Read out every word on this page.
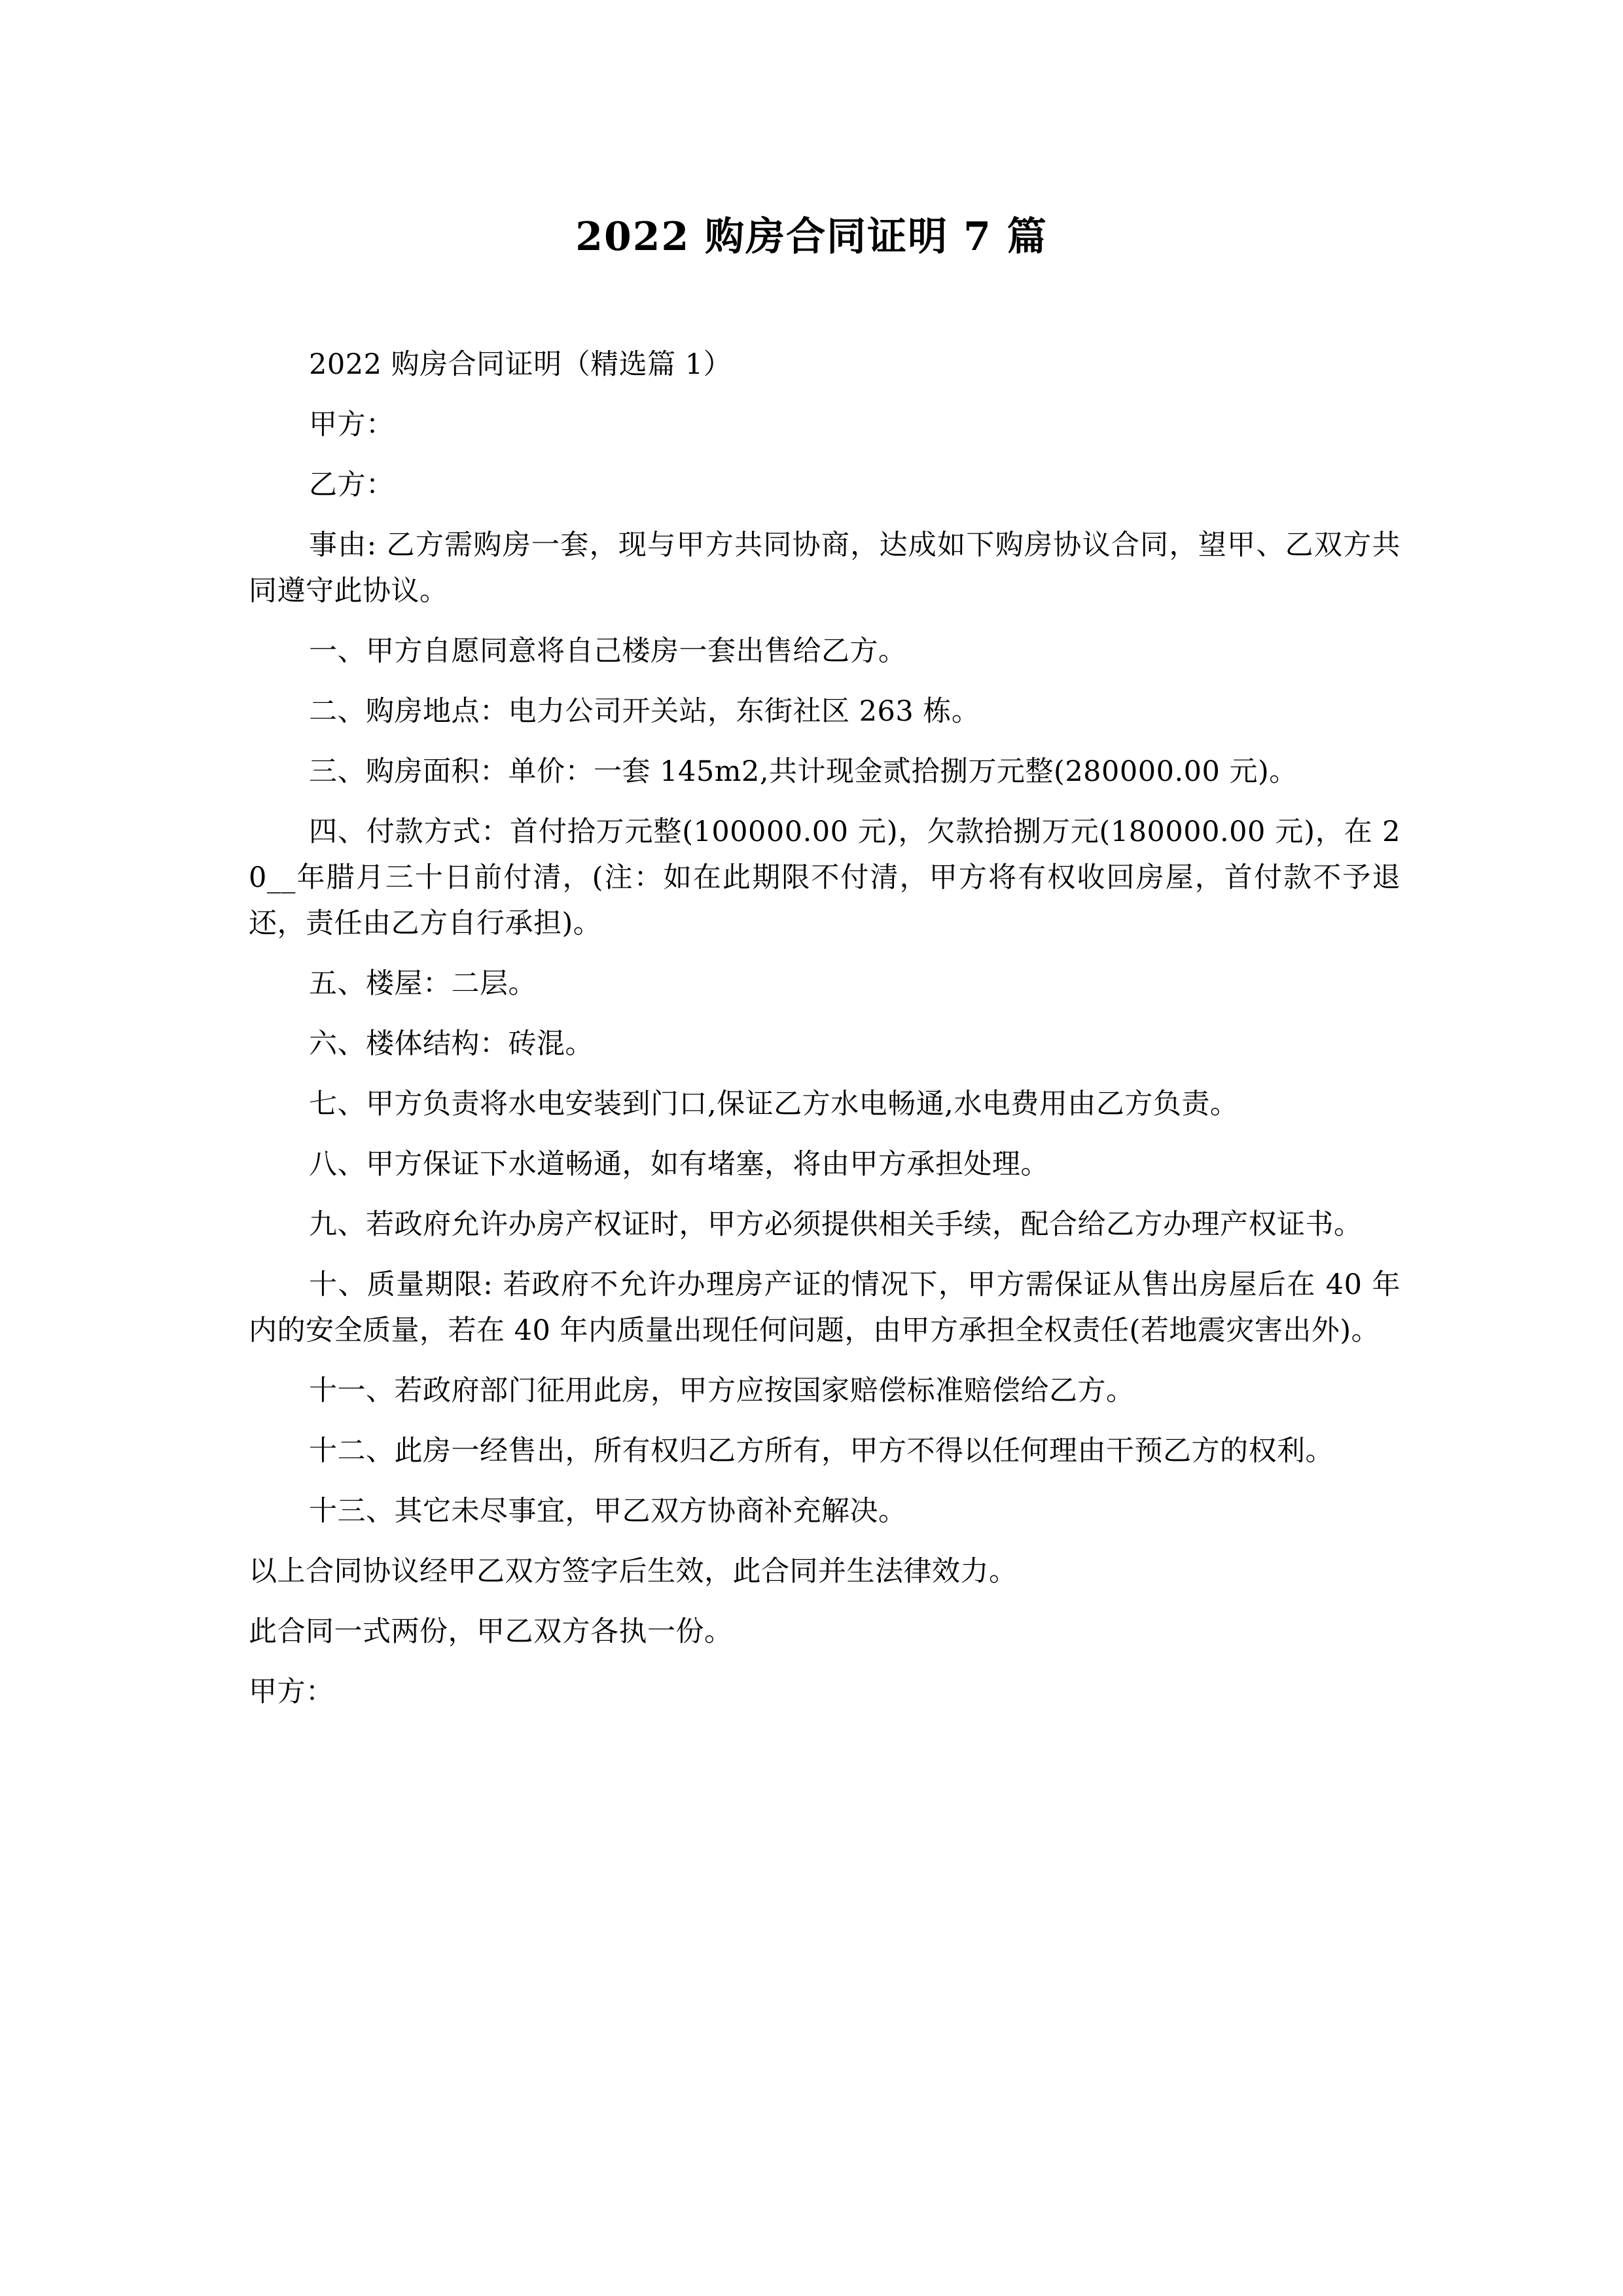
2022 购房合同证明 7 篇

2022 购房合同证明（精选篇 1）

甲方：

乙方：

事由: 乙方需购房一套，现与甲方共同协商，达成如下购房协议合同，望甲、乙双方共同遵守此协议。

一、甲方自愿同意将自己楼房一套出售给乙方。

二、购房地点：电力公司开关站，东街社区 263 栋。

三、购房面积：单价：一套 145m2,共计现金贰拾捌万元整(280000.00 元)。

四、付款方式：首付拾万元整(100000.00 元)，欠款拾捌万元(180000.00 元)，在 20__年腊月三十日前付清，(注：如在此期限不付清，甲方将有权收回房屋，首付款不予退还，责任由乙方自行承担)。

五、楼屋：二层。

六、楼体结构：砖混。

七、甲方负责将水电安装到门口,保证乙方水电畅通,水电费用由乙方负责。

八、甲方保证下水道畅通，如有堵塞，将由甲方承担处理。

九、若政府允许办房产权证时，甲方必须提供相关手续，配合给乙方办理产权证书。

十、质量期限: 若政府不允许办理房产证的情况下，甲方需保证从售出房屋后在 40 年内的安全质量，若在 40 年内质量出现任何问题，由甲方承担全权责任(若地震灾害出外)。

十一、若政府部门征用此房，甲方应按国家赔偿标准赔偿给乙方。

十二、此房一经售出，所有权归乙方所有，甲方不得以任何理由干预乙方的权利。

十三、其它未尽事宜，甲乙双方协商补充解决。

以上合同协议经甲乙双方签字后生效，此合同并生法律效力。

此合同一式两份，甲乙双方各执一份。

甲方：
